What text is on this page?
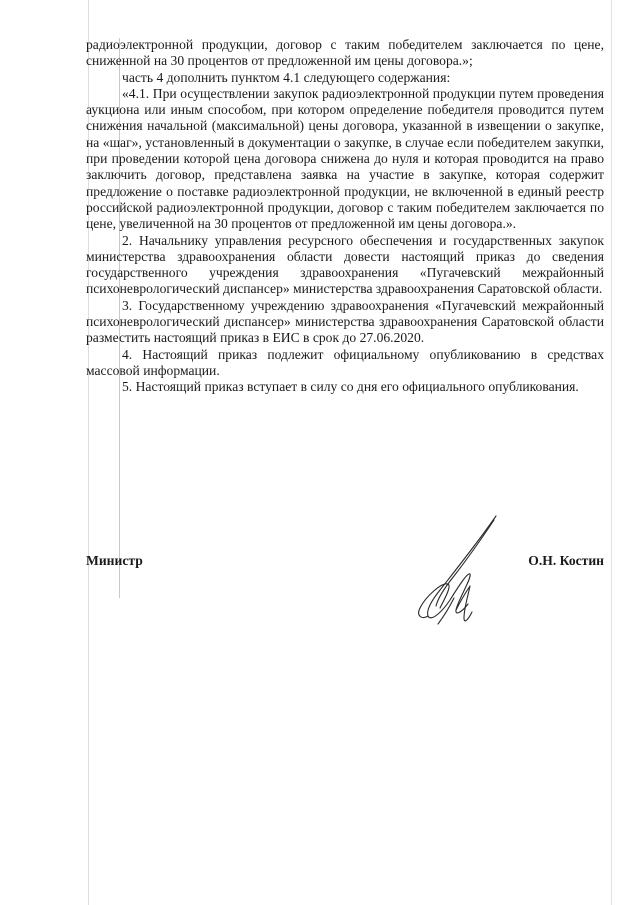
радиоэлектронной продукции, договор с таким победителем заключается по цене, сниженной на 30 процентов от предложенной им цены договора.»;

часть 4 дополнить пунктом 4.1 следующего содержания:

«4.1. При осуществлении закупок радиоэлектронной продукции путем проведения аукциона или иным способом, при котором определение победителя проводится путем снижения начальной (максимальной) цены договора, указанной в извещении о закупке, на «шаг», установленный в документации о закупке, в случае если победителем закупки, при проведении которой цена договора снижена до нуля и которая проводится на право заключить договор, представлена заявка на участие в закупке, которая содержит предложение о поставке радиоэлектронной продукции, не включенной в единый реестр российской радиоэлектронной продукции, договор с таким победителем заключается по цене, увеличенной на 30 процентов от предложенной им цены договора.».

2. Начальнику управления ресурсного обеспечения и государственных закупок министерства здравоохранения области довести настоящий приказ до сведения государственного учреждения здравоохранения «Пугачевский межрайонный психоневрологический диспансер» министерства здравоохранения Саратовской области.

3. Государственному учреждению здравоохранения «Пугачевский межрайонный психоневрологический диспансер» министерства здравоохранения Саратовской области разместить настоящий приказ в ЕИС в срок до 27.06.2020.

4. Настоящий приказ подлежит официальному опубликованию в средствах массовой информации.

5. Настоящий приказ вступает в силу со дня его официального опубликования.

Министр	О.Н. Костин
